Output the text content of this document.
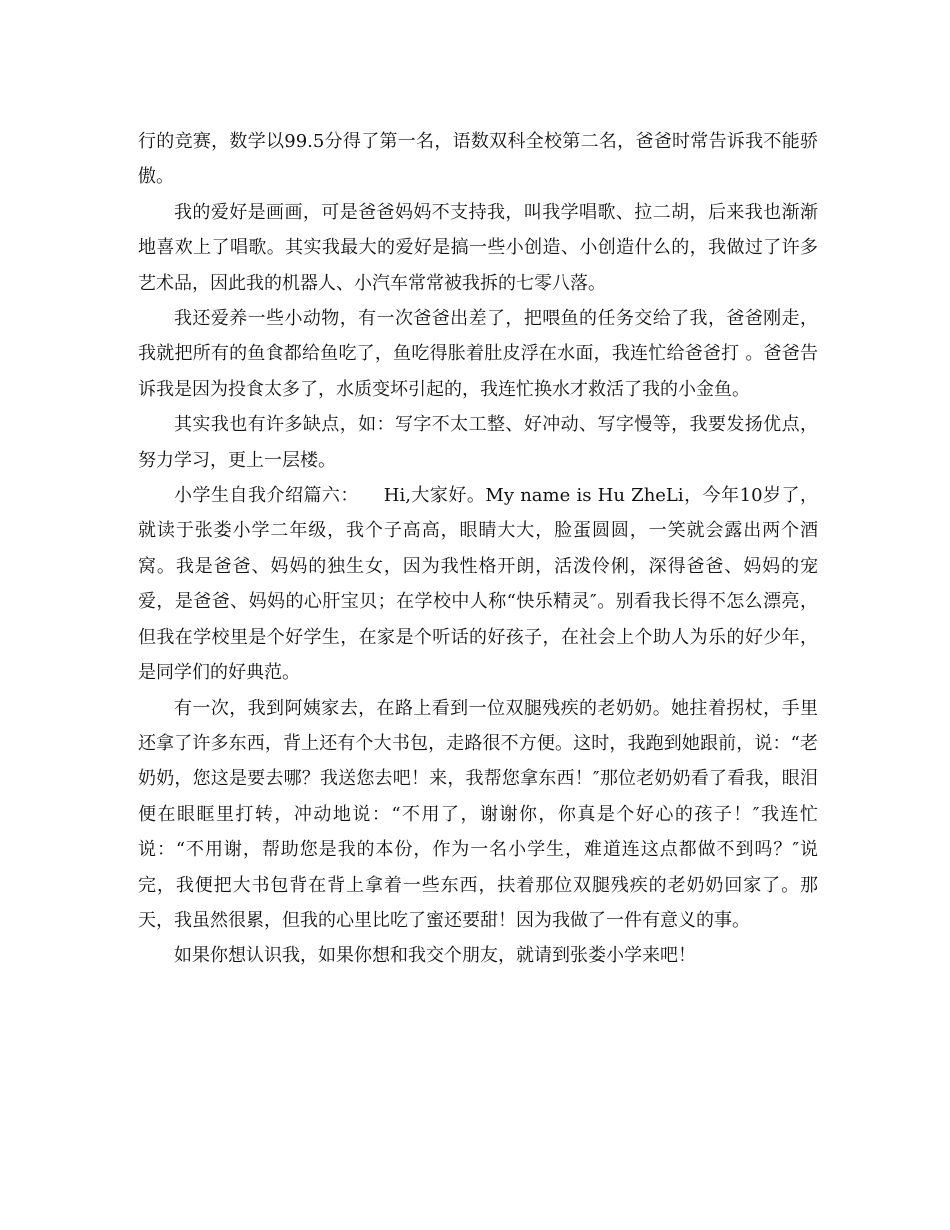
行的竞赛，数学以99.5分得了第一名，语数双科全校第二名，爸爸时常告诉我不能骄傲。

我的爱好是画画，可是爸爸妈妈不支持我，叫我学唱歌、拉二胡，后来我也渐渐地喜欢上了唱歌。其实我最大的爱好是搞一些小创造、小创造什么的，我做过了许多艺术品，因此我的机器人、小汽车常常被我拆的七零八落。

我还爱养一些小动物，有一次爸爸出差了，把喂鱼的任务交给了我，爸爸刚走，我就把所有的鱼食都给鱼吃了，鱼吃得胀着肚皮浮在水面，我连忙给爸爸打 。爸爸告诉我是因为投食太多了，水质变坏引起的，我连忙换水才救活了我的小金鱼。

其实我也有许多缺点，如：写字不太工整、好冲动、写字慢等，我要发扬优点，努力学习，更上一层楼。

小学生自我介绍篇六：    Hi,大家好。My name is Hu ZheLi，今年10岁了，就读于张娄小学二年级，我个子高高，眼睛大大，脸蛋圆圆，一笑就会露出两个酒窝。我是爸爸、妈妈的独生女，因为我性格开朗，活泼伶俐，深得爸爸、妈妈的宠爱，是爸爸、妈妈的心肝宝贝；在学校中人称“快乐精灵″。别看我长得不怎么漂亮，但我在学校里是个好学生，在家是个听话的好孩子，在社会上个助人为乐的好少年，是同学们的好典范。

有一次，我到阿姨家去，在路上看到一位双腿残疾的老奶奶。她拄着拐杖，手里还拿了许多东西，背上还有个大书包，走路很不方便。这时，我跑到她跟前，说：“老奶奶，您这是要去哪？我送您去吧！来，我帮您拿东西！″那位老奶奶看了看我，眼泪便在眼眶里打转，冲动地说：“不用了，谢谢你，你真是个好心的孩子！″我连忙说：“不用谢，帮助您是我的本份，作为一名小学生，难道连这点都做不到吗？″说完，我便把大书包背在背上拿着一些东西，扶着那位双腿残疾的老奶奶回家了。那天，我虽然很累，但我的心里比吃了蜜还要甜！因为我做了一件有意义的事。

如果你想认识我，如果你想和我交个朋友，就请到张娄小学来吧！
